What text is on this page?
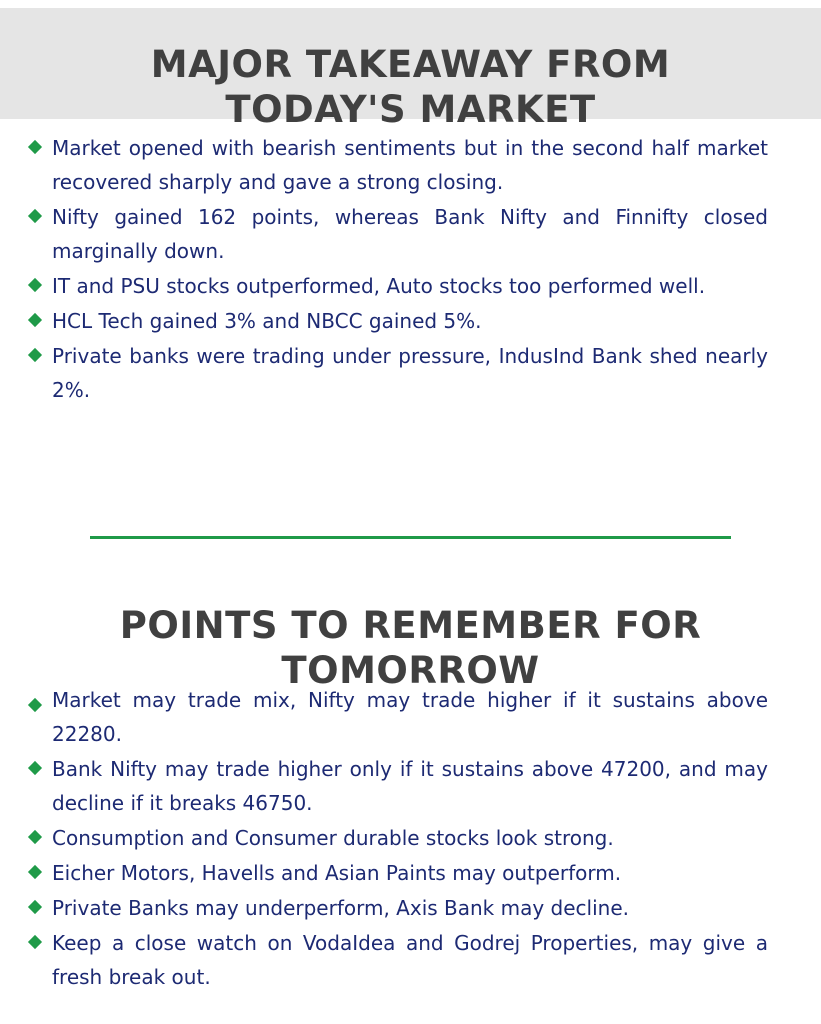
MAJOR TAKEAWAY FROM
TODAY'S MARKET
Market opened with bearish sentiments but in the second half market recovered sharply and gave a strong closing.
Nifty gained 162 points, whereas Bank Nifty and Finnifty closed marginally down.
IT and PSU stocks outperformed, Auto stocks too performed well.
HCL Tech gained 3% and NBCC gained 5%.
Private banks were trading under pressure, IndusInd Bank shed nearly 2%.
POINTS TO REMEMBER FOR
TOMORROW
Market may trade mix, Nifty may trade higher if it sustains above 22280.
Bank Nifty may trade higher only if it sustains above 47200, and may decline if it breaks 46750.
Consumption and Consumer durable stocks look strong.
Eicher Motors, Havells and Asian Paints may outperform.
Private Banks may underperform, Axis Bank may decline.
Keep a close watch on VodaIdea and Godrej Properties, may give a fresh break out.
